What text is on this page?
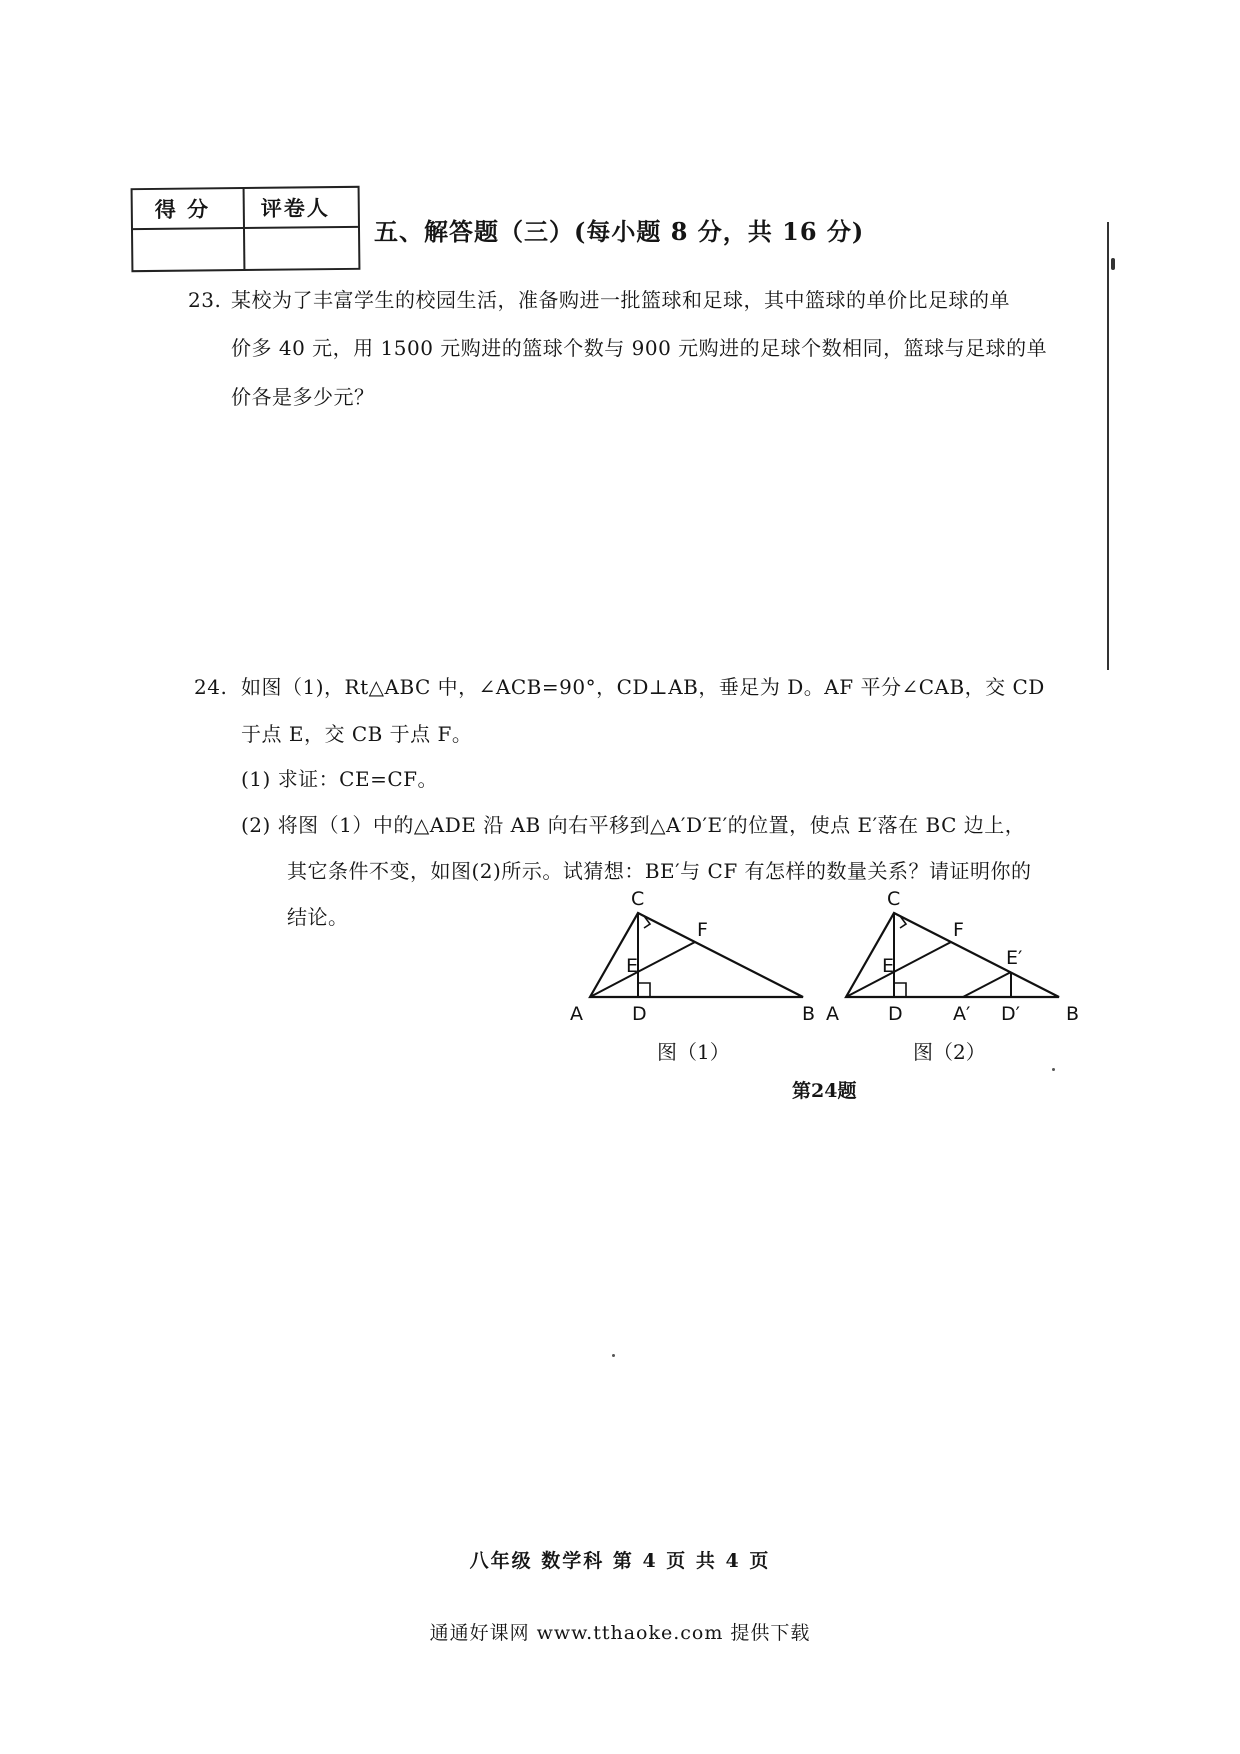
得 分 评卷人
五、解答题（三）(每小题 8 分，共 16 分)
23. 某校为了丰富学生的校园生活，准备购进一批篮球和足球，其中篮球的单价比足球的单
价多 40 元，用 1500 元购进的篮球个数与 900 元购进的足球个数相同，篮球与足球的单
价各是多少元？
24. 如图（1)，Rt△ABC 中，∠ACB=90°，CD⊥AB，垂足为 D。AF 平分∠CAB，交 CD
于点 E，交 CB 于点 F。
(1) 求证：CE=CF。
(2) 将图（1）中的△ADE 沿 AB 向右平移到△A′D′E′的位置，使点 E′落在 BC 边上，
其它条件不变，如图(2)所示。试猜想：BE′与 CF 有怎样的数量关系？请证明你的
结论。
C
F
E
A	D	B
图（1）
C
F
E	E′
A	D	A′ D′ B
图（2）
第24题
八年级 数学科 第 4 页 共 4 页
通通好课网 www.tthaoke.com 提供下载
